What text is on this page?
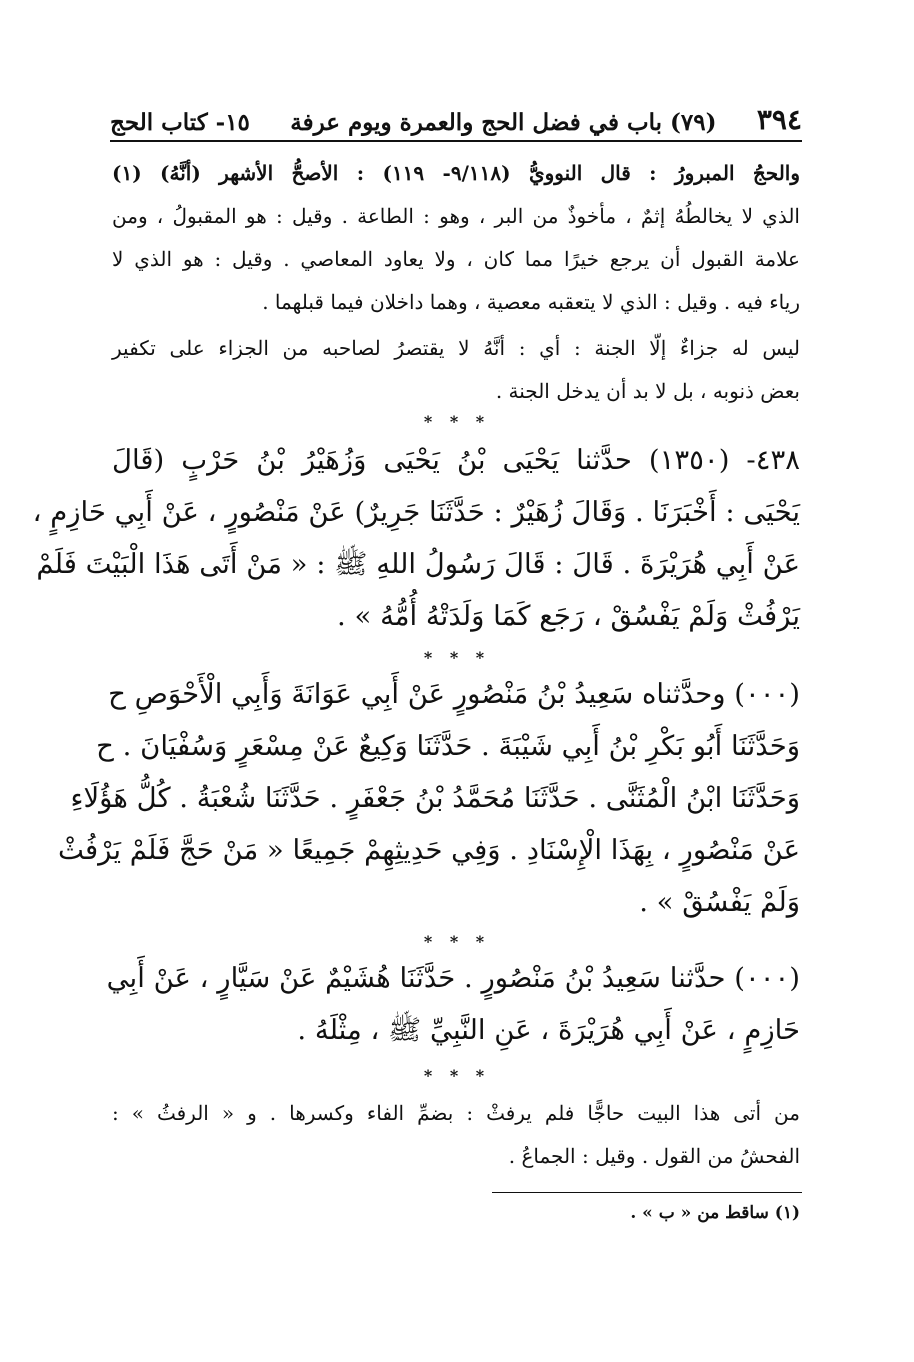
٣٩٤
(٧٩) باب في فضل الحج والعمرة ويوم عرفة
١٥- كتاب الحج
والحجُ المبرورُ : قال النوويُّ (٩/١١٨- ١١٩) : الأصحُّ الأشهر (أنَّهُ) (١)
الذي لا يخالطُهُ إثمٌ ، مأخوذٌ من البر ، وهو : الطاعة . وقيل : هو المقبولُ ، ومن
علامة القبول أن يرجع خيرًا مما كان ، ولا يعاود المعاصي . وقيل : هو الذي لا
رياء فيه . وقيل : الذي لا يتعقبه معصية ، وهما داخلان فيما قبلهما .
ليس له جزاءٌ إلّا الجنة : أي : أنَّهُ لا يقتصرُ لصاحبه من الجزاء على تكفير
بعض ذنوبه ، بل لا بد أن يدخل الجنة .
* * *
٤٣٨- (١٣٥٠) حدَّثنا يَحْيَى بْنُ يَحْيَى وَزُهَيْرُ بْنُ حَرْبٍ (قَالَ
يَحْيَى : أَخْبَرَنَا . وَقَالَ زُهَيْرٌ : حَدَّثَنَا جَرِيرٌ) عَنْ مَنْصُورٍ ، عَنْ أَبِي حَازِمٍ ،
عَنْ أَبِي هُرَيْرَةَ . قَالَ : قَالَ رَسُولُ اللهِ ﷺ : « مَنْ أَتَى هَذَا الْبَيْتَ فَلَمْ
يَرْفُثْ وَلَمْ يَفْسُقْ ، رَجَع كَمَا وَلَدَتْهُ أُمُّهُ » .
* * *
(٠٠٠) وحدَّثناه سَعِيدُ بْنُ مَنْصُورٍ عَنْ أَبِي عَوَانَةَ وَأَبِي الْأَحْوَصِ ح
وَحَدَّثَنَا أَبُو بَكْرِ بْنُ أَبِي شَيْبَةَ . حَدَّثَنَا وَكِيعٌ عَنْ مِسْعَرٍ وَسُفْيَانَ . ح
وَحَدَّثَنَا ابْنُ الْمُثَنَّى . حَدَّثَنَا مُحَمَّدُ بْنُ جَعْفَرٍ . حَدَّثَنَا شُعْبَةُ . كُلُّ هَؤُلَاءِ
عَنْ مَنْصُورٍ ، بِهَذَا الْإِسْنَادِ . وَفِي حَدِيثِهِمْ جَمِيعًا « مَنْ حَجَّ فَلَمْ يَرْفُثْ
وَلَمْ يَفْسُقْ » .
* * *
(٠٠٠) حدَّثنا سَعِيدُ بْنُ مَنْصُورٍ . حَدَّثَنَا هُشَيْمٌ عَنْ سَيَّارٍ ، عَنْ أَبِي
حَازِمٍ ، عَنْ أَبِي هُرَيْرَةَ ، عَنِ النَّبِيِّ ﷺ ، مِثْلَهُ .
* * *
من أتى هذا البيت حاجًّا فلم يرفثْ : بضمِّ الفاء وكسرها . و « الرفثُ » :
الفحشُ من القول . وقيل : الجماعُ .
(١) ساقط من « ب » .
